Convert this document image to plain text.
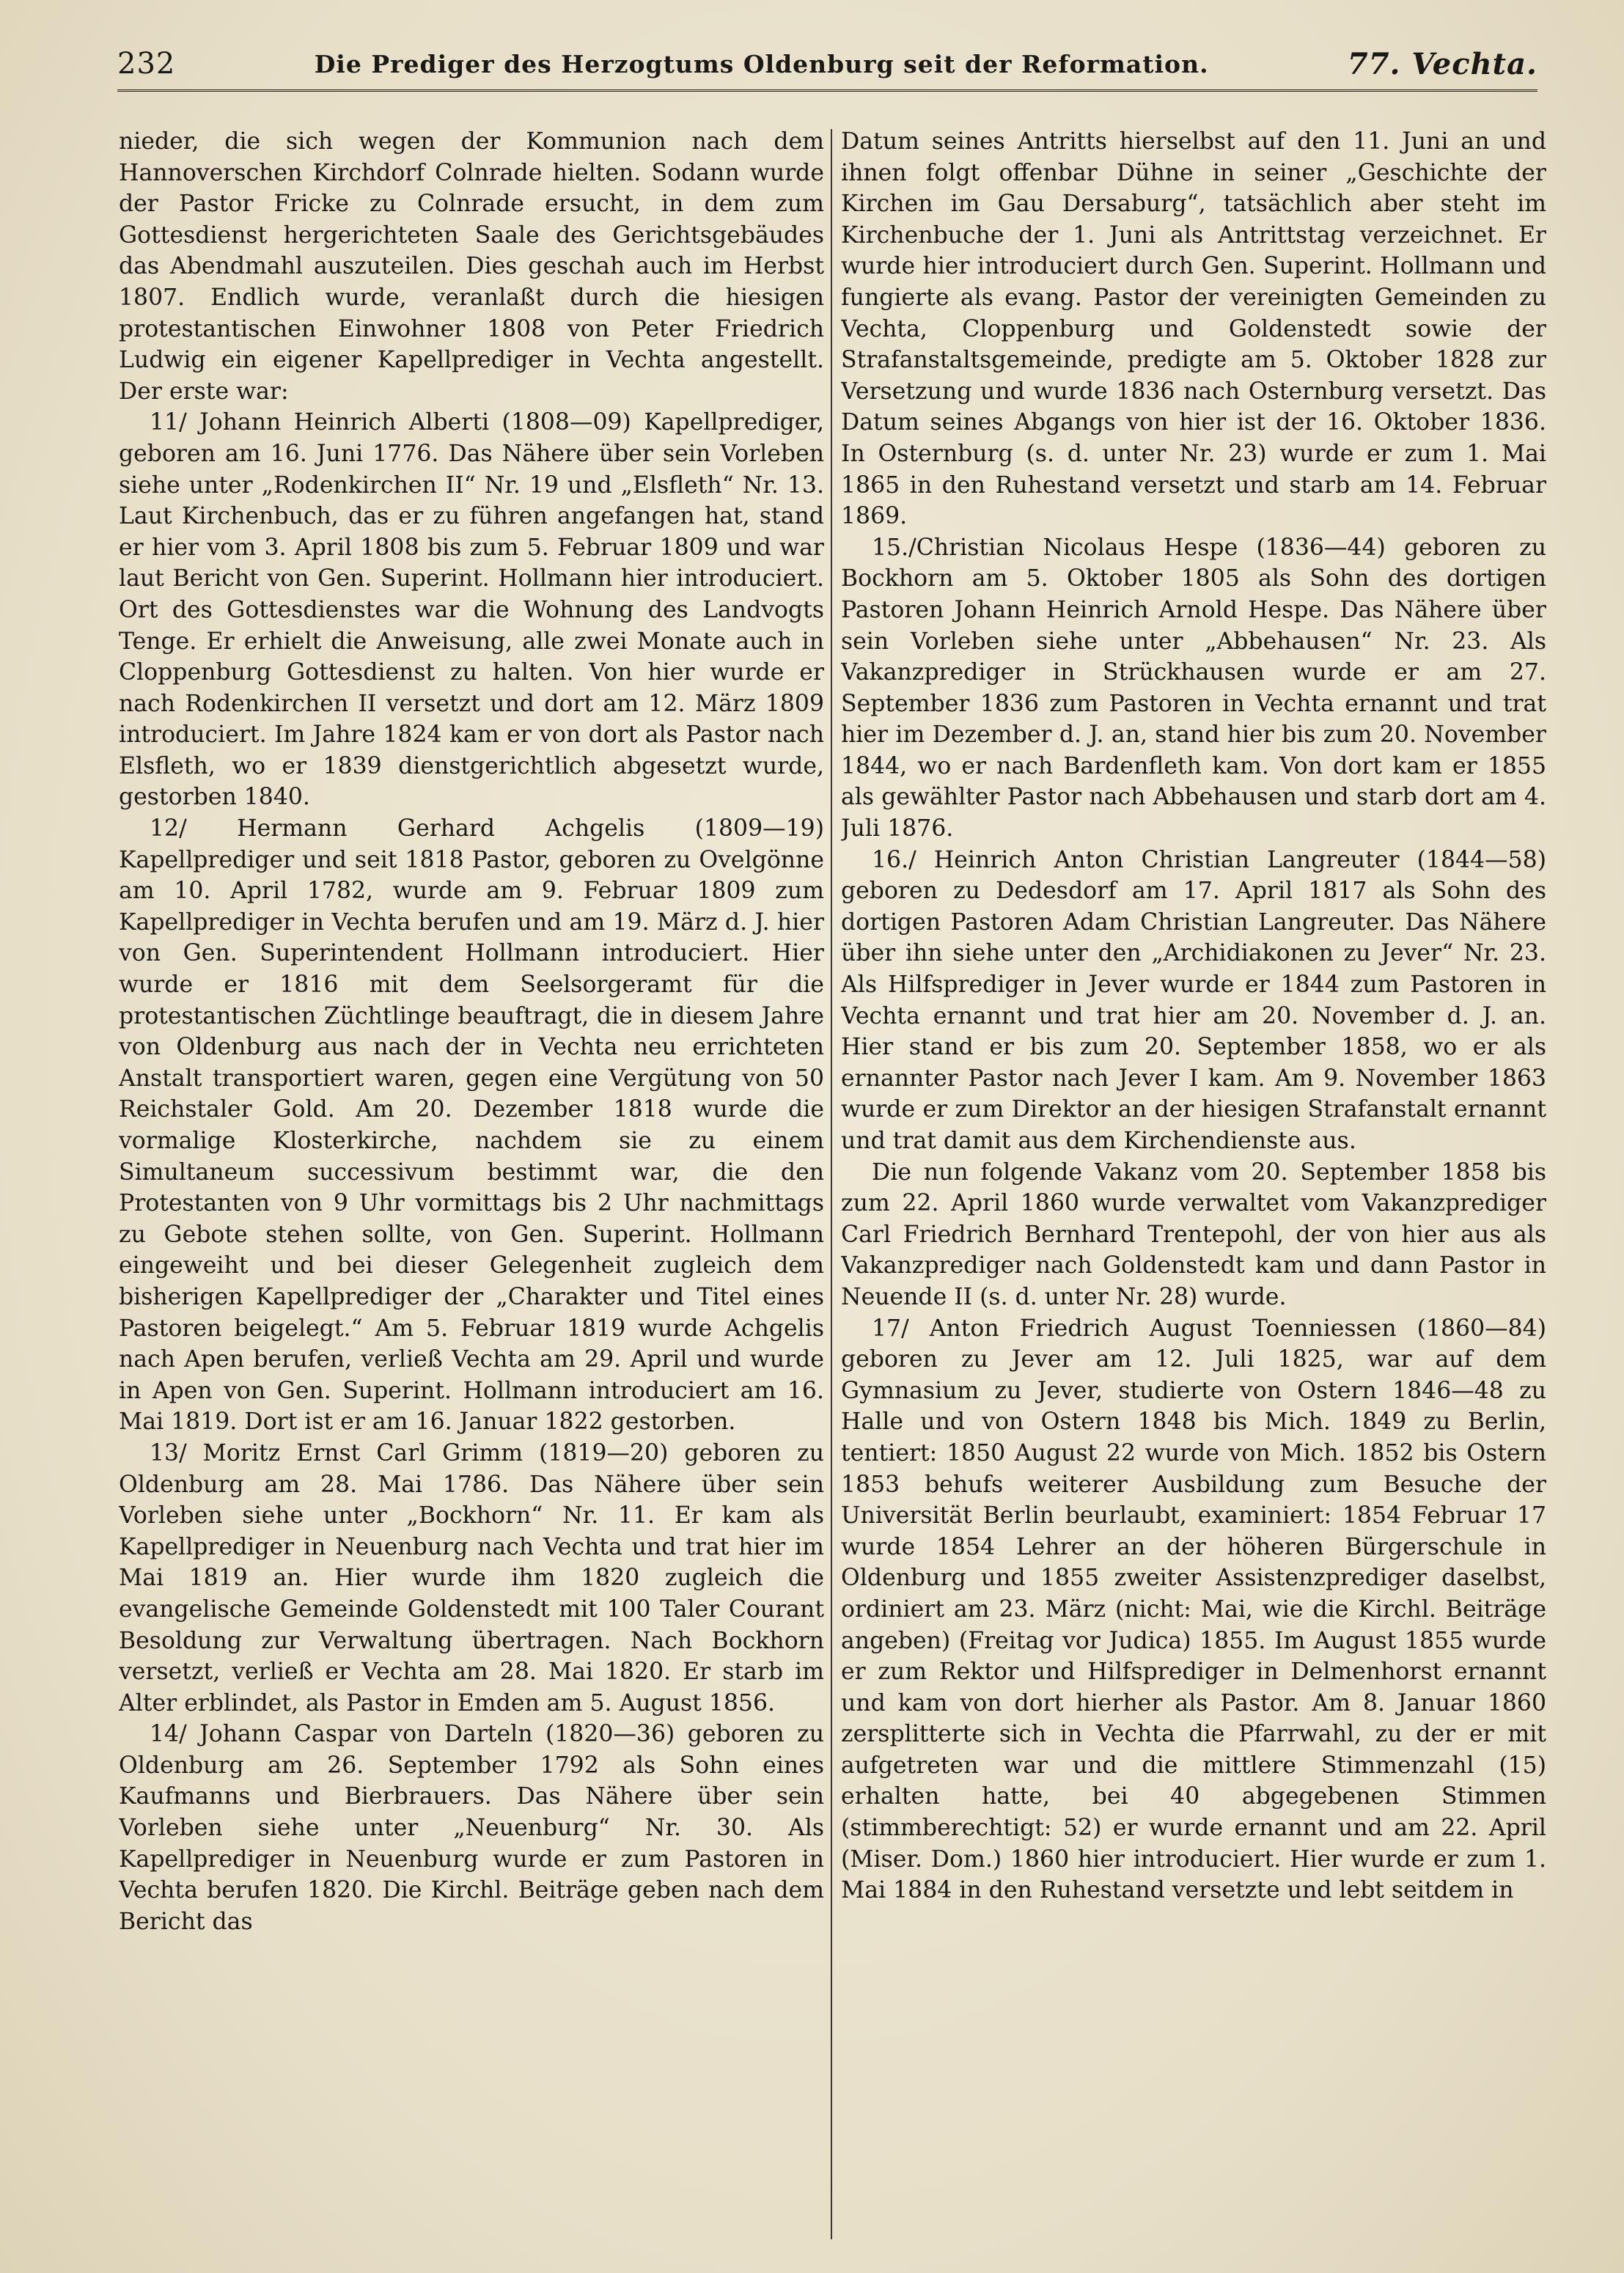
232	Die Prediger des Herzogtums Oldenburg seit der Reformation.	77. Vechta.

nieder, die sich wegen der Kommunion nach dem Hannoverschen Kirchdorf Colnrade hielten. Sodann wurde der Pastor Fricke zu Colnrade ersucht, in dem zum Gottesdienst hergerichteten Saale des Gerichtsgebäudes das Abendmahl auszuteilen. Dies geschah auch im Herbst 1807. Endlich wurde, veranlaßt durch die hiesigen protestantischen Einwohner 1808 von Peter Friedrich Ludwig ein eigener Kapellprediger in Vechta angestellt. Der erste war:

11/ Johann Heinrich Alberti (1808—09) Kapellprediger, geboren am 16. Juni 1776. Das Nähere über sein Vorleben siehe unter „Rodenkirchen II“ Nr. 19 und „Elsfleth“ Nr. 13. Laut Kirchenbuch, das er zu führen angefangen hat, stand er hier vom 3. April 1808 bis zum 5. Februar 1809 und war laut Bericht von Gen. Superint. Hollmann hier introduciert. Ort des Gottesdienstes war die Wohnung des Landvogts Tenge. Er erhielt die Anweisung, alle zwei Monate auch in Cloppenburg Gottesdienst zu halten. Von hier wurde er nach Rodenkirchen II versetzt und dort am 12. März 1809 introduciert. Im Jahre 1824 kam er von dort als Pastor nach Elsfleth, wo er 1839 dienstgerichtlich abgesetzt wurde, gestorben 1840.

12/ Hermann Gerhard Achgelis (1809—19) Kapellprediger und seit 1818 Pastor, geboren zu Ovelgönne am 10. April 1782, wurde am 9. Februar 1809 zum Kapellprediger in Vechta berufen und am 19. März d. J. hier von Gen. Superintendent Hollmann introduciert. Hier wurde er 1816 mit dem Seelsorgeramt für die protestantischen Züchtlinge beauftragt, die in diesem Jahre von Oldenburg aus nach der in Vechta neu errichteten Anstalt transportiert waren, gegen eine Vergütung von 50 Reichstaler Gold. Am 20. Dezember 1818 wurde die vormalige Klosterkirche, nachdem sie zu einem Simultaneum successivum bestimmt war, die den Protestanten von 9 Uhr vormittags bis 2 Uhr nachmittags zu Gebote stehen sollte, von Gen. Superint. Hollmann eingeweiht und bei dieser Gelegenheit zugleich dem bisherigen Kapellprediger der „Charakter und Titel eines Pastoren beigelegt.“ Am 5. Februar 1819 wurde Achgelis nach Apen berufen, verließ Vechta am 29. April und wurde in Apen von Gen. Superint. Hollmann introduciert am 16. Mai 1819. Dort ist er am 16. Januar 1822 gestorben.

13/ Moritz Ernst Carl Grimm (1819—20) geboren zu Oldenburg am 28. Mai 1786. Das Nähere über sein Vorleben siehe unter „Bockhorn“ Nr. 11. Er kam als Kapellprediger in Neuenburg nach Vechta und trat hier im Mai 1819 an. Hier wurde ihm 1820 zugleich die evangelische Gemeinde Goldenstedt mit 100 Taler Courant Besoldung zur Verwaltung übertragen. Nach Bockhorn versetzt, verließ er Vechta am 28. Mai 1820. Er starb im Alter erblindet, als Pastor in Emden am 5. August 1856.

14/ Johann Caspar von Darteln (1820—36) geboren zu Oldenburg am 26. September 1792 als Sohn eines Kaufmanns und Bierbrauers. Das Nähere über sein Vorleben siehe unter „Neuenburg“ Nr. 30. Als Kapellprediger in Neuenburg wurde er zum Pastoren in Vechta berufen 1820. Die Kirchl. Beiträge geben nach dem Bericht das

Datum seines Antritts hierselbst auf den 11. Juni an und ihnen folgt offenbar Dühne in seiner „Geschichte der Kirchen im Gau Dersaburg“, tatsächlich aber steht im Kirchenbuche der 1. Juni als Antrittstag verzeichnet. Er wurde hier introduciert durch Gen. Superint. Hollmann und fungierte als evang. Pastor der vereinigten Gemeinden zu Vechta, Cloppenburg und Goldenstedt sowie der Strafanstaltsgemeinde, predigte am 5. Oktober 1828 zur Versetzung und wurde 1836 nach Osternburg versetzt. Das Datum seines Abgangs von hier ist der 16. Oktober 1836. In Osternburg (s. d. unter Nr. 23) wurde er zum 1. Mai 1865 in den Ruhestand versetzt und starb am 14. Februar 1869.

15./Christian Nicolaus Hespe (1836—44) geboren zu Bockhorn am 5. Oktober 1805 als Sohn des dortigen Pastoren Johann Heinrich Arnold Hespe. Das Nähere über sein Vorleben siehe unter „Abbehausen“ Nr. 23. Als Vakanzprediger in Strückhausen wurde er am 27. September 1836 zum Pastoren in Vechta ernannt und trat hier im Dezember d. J. an, stand hier bis zum 20. November 1844, wo er nach Bardenfleth kam. Von dort kam er 1855 als gewählter Pastor nach Abbehausen und starb dort am 4. Juli 1876.

16./ Heinrich Anton Christian Langreuter (1844—58) geboren zu Dedesdorf am 17. April 1817 als Sohn des dortigen Pastoren Adam Christian Langreuter. Das Nähere über ihn siehe unter den „Archidiakonen zu Jever“ Nr. 23. Als Hilfsprediger in Jever wurde er 1844 zum Pastoren in Vechta ernannt und trat hier am 20. November d. J. an. Hier stand er bis zum 20. September 1858, wo er als ernannter Pastor nach Jever I kam. Am 9. November 1863 wurde er zum Direktor an der hiesigen Strafanstalt ernannt und trat damit aus dem Kirchendienste aus.

Die nun folgende Vakanz vom 20. September 1858 bis zum 22. April 1860 wurde verwaltet vom Vakanzprediger Carl Friedrich Bernhard Trentepohl, der von hier aus als Vakanzprediger nach Goldenstedt kam und dann Pastor in Neuende II (s. d. unter Nr. 28) wurde.

17/ Anton Friedrich August Toenniessen (1860—84) geboren zu Jever am 12. Juli 1825, war auf dem Gymnasium zu Jever, studierte von Ostern 1846—48 zu Halle und von Ostern 1848 bis Mich. 1849 zu Berlin, tentiert: 1850 August 22 wurde von Mich. 1852 bis Ostern 1853 behufs weiterer Ausbildung zum Besuche der Universität Berlin beurlaubt, examiniert: 1854 Februar 17 wurde 1854 Lehrer an der höheren Bürgerschule in Oldenburg und 1855 zweiter Assistenzprediger daselbst, ordiniert am 23. März (nicht: Mai, wie die Kirchl. Beiträge angeben) (Freitag vor Judica) 1855. Im August 1855 wurde er zum Rektor und Hilfsprediger in Delmenhorst ernannt und kam von dort hierher als Pastor. Am 8. Januar 1860 zersplitterte sich in Vechta die Pfarrwahl, zu der er mit aufgetreten war und die mittlere Stimmenzahl (15) erhalten hatte, bei 40 abgegebenen Stimmen (stimmberechtigt: 52) er wurde ernannt und am 22. April (Miser. Dom.) 1860 hier introduciert. Hier wurde er zum 1. Mai 1884 in den Ruhestand versetzte und lebt seitdem in
